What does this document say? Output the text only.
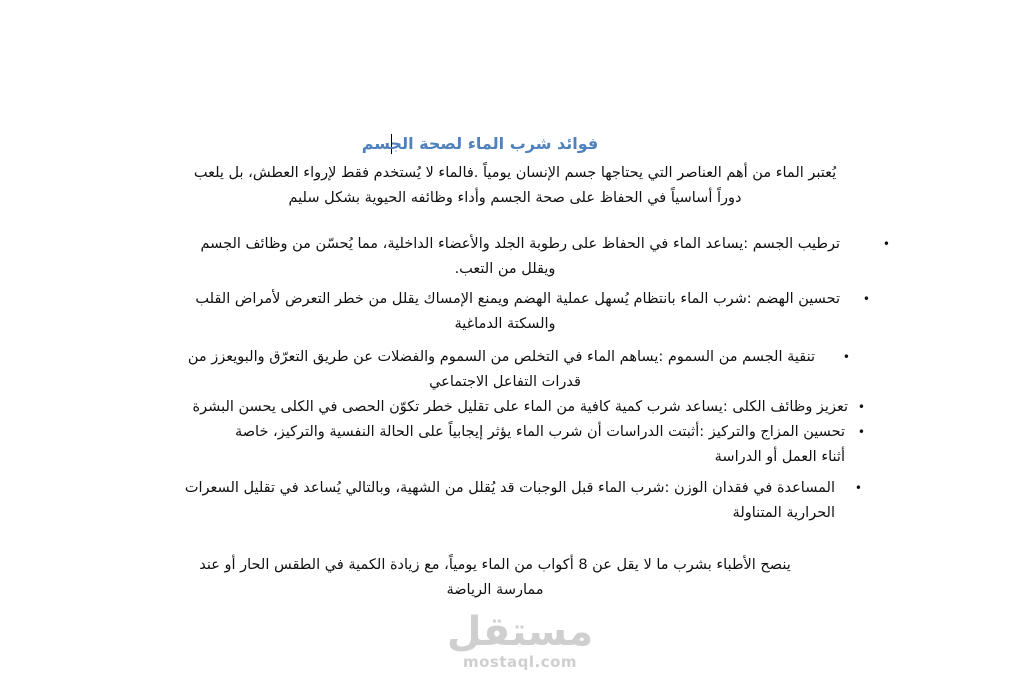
فوائد شرب الماء لصحة الجسم
يُعتبر الماء من أهم العناصر التي يحتاجها جسم الإنسان يومياً .فالماء لا يُستخدم فقط لإرواء العطش، بل يلعب
دوراً أساسياً في الحفاظ على صحة الجسم وأداء وظائفه الحيوية بشكل سليم
•
ترطيب الجسم :يساعد الماء في الحفاظ على رطوبة الجلد والأعضاء الداخلية، مما يُحسّن من وظائف الجسم
ويقلل من التعب.
•
تحسين الهضم :شرب الماء بانتظام يُسهل عملية الهضم ويمنع الإمساك يقلل من خطر التعرض لأمراض القلب
والسكتة الدماغية
•
تنقية الجسم من السموم :يساهم الماء في التخلص من السموم والفضلات عن طريق التعرّق والبويعزز من
قدرات التفاعل الاجتماعي
•
تعزيز وظائف الكلى :يساعد شرب كمية كافية من الماء على تقليل خطر تكوّن الحصى في الكلى يحسن البشرة
•
تحسين المزاج والتركيز :أثبتت الدراسات أن شرب الماء يؤثر إيجابياً على الحالة النفسية والتركيز، خاصة
أثناء العمل أو الدراسة
•
المساعدة في فقدان الوزن :شرب الماء قبل الوجبات قد يُقلل من الشهية، وبالتالي يُساعد في تقليل السعرات
الحرارية المتناولة
ينصح الأطباء بشرب ما لا يقل عن 8 أكواب من الماء يومياً، مع زيادة الكمية في الطقس الحار أو عند
ممارسة الرياضة
مستقل
mostaql.com
